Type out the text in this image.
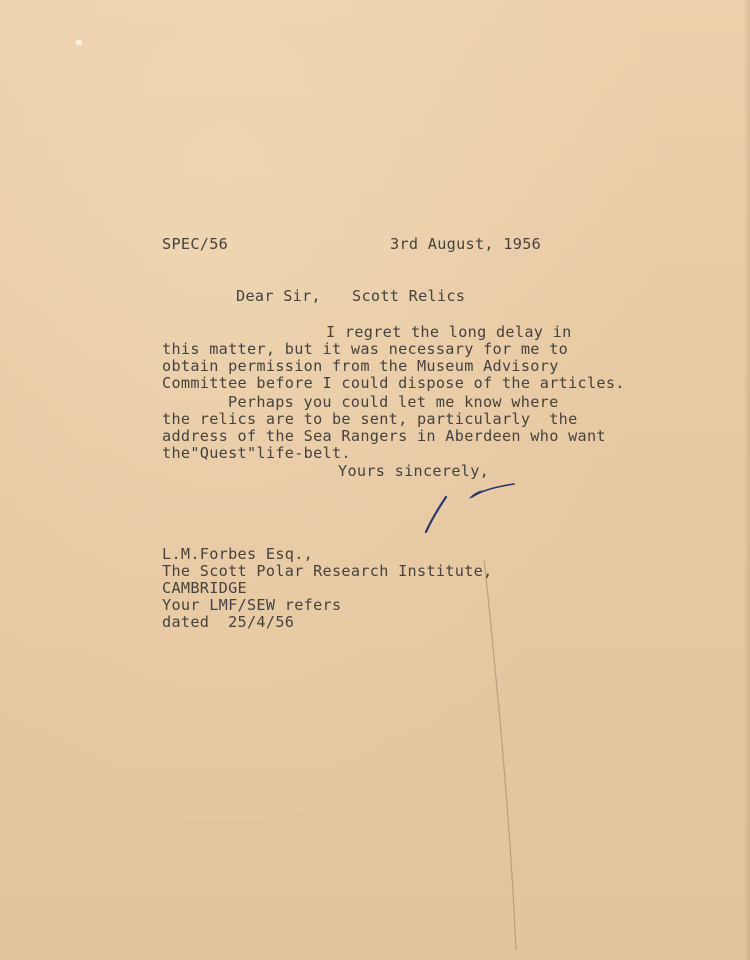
SPEC/56	3rd August, 1956
Dear Sir, Scott Relics
I regret the long delay in
this matter, but it was necessary for me to
obtain permission from the Museum Advisory
Committee before I could dispose of the articles.
Perhaps you could let me know where
the relics are to be sent, particularly  the
address of the Sea Rangers in Aberdeen who want
the"Quest"life-belt.
Yours sincerely,
L.M.Forbes Esq.,
The Scott Polar Research Institute,
CAMBRIDGE
Your LMF/SEW refers
dated  25/4/56
